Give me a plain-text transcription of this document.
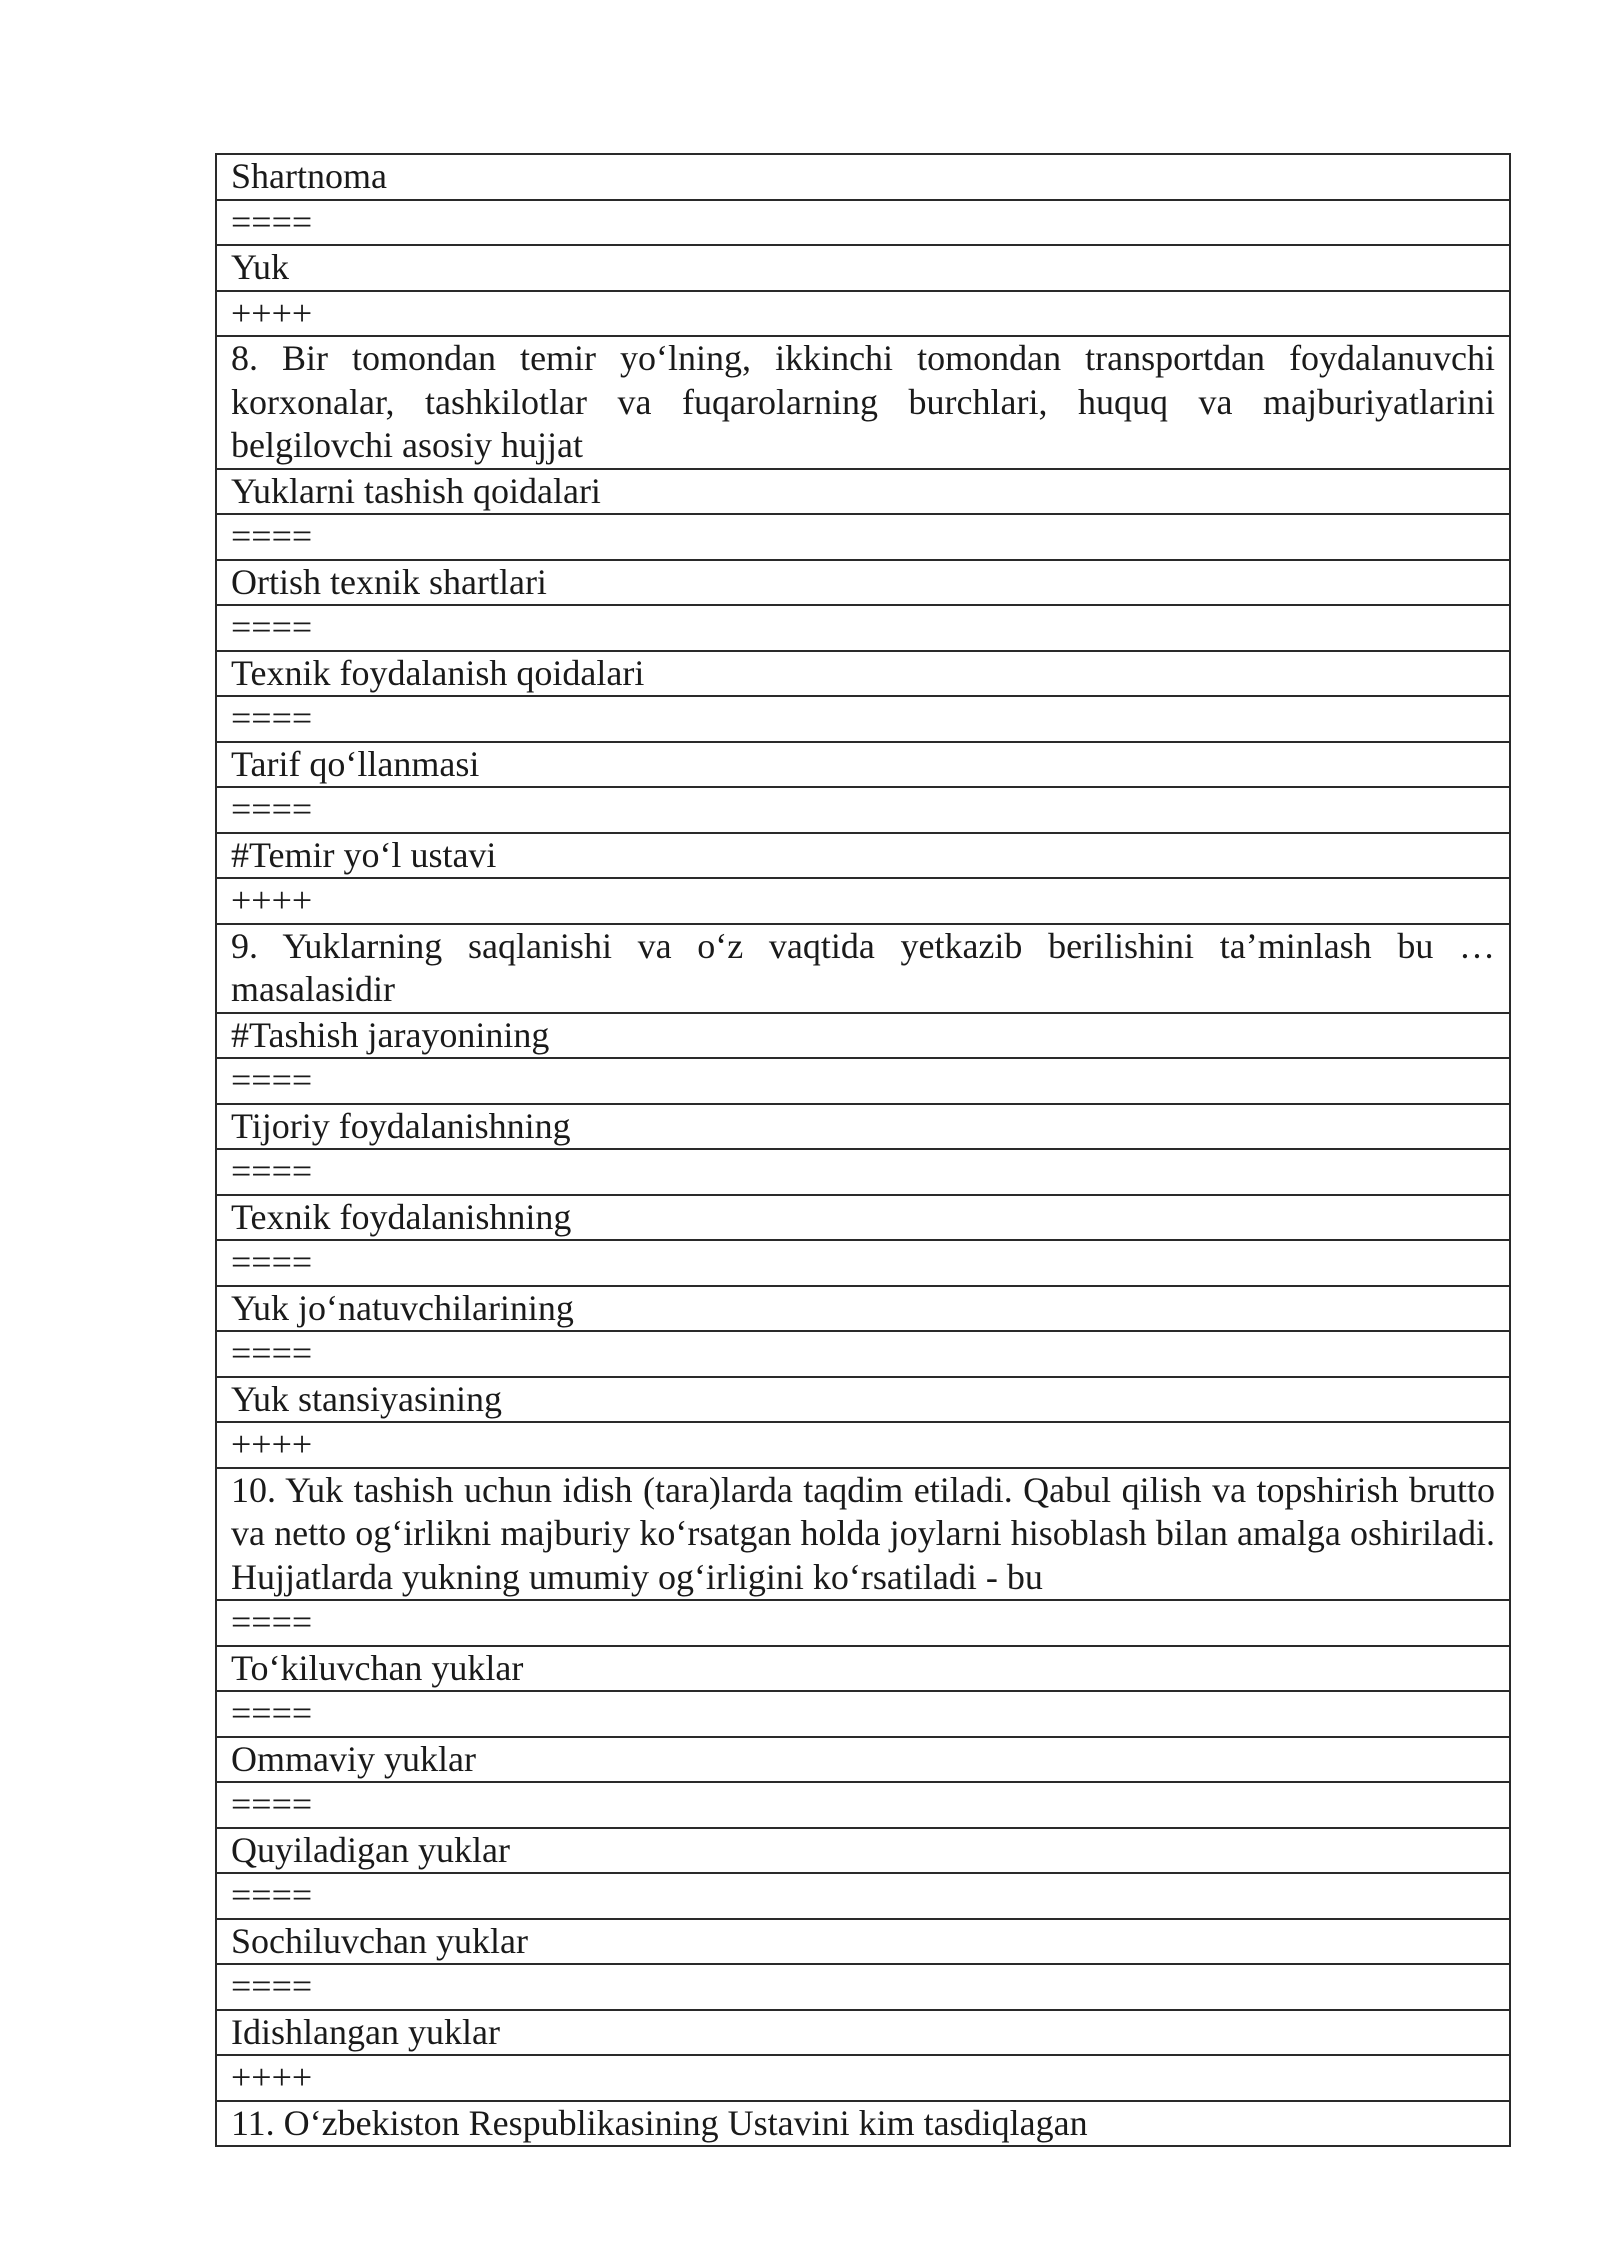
Shartnoma
====
Yuk
++++
8. Bir tomondan temir yo‘lning, ikkinchi tomondan transportdan foydalanuvchi korxonalar, tashkilotlar va fuqarolarning burchlari, huquq va majburiyatlarini belgilovchi asosiy hujjat
Yuklarni tashish qoidalari
====
Ortish texnik shartlari
====
Texnik foydalanish qoidalari
====
Tarif qo‘llanmasi
====
#Temir yo‘l ustavi
++++
9. Yuklarning saqlanishi va o‘z vaqtida yetkazib berilishini ta’minlash bu … masalasidir
#Tashish jarayonining
====
Tijoriy foydalanishning
====
Texnik foydalanishning
====
Yuk jo‘natuvchilarining
====
Yuk stansiyasining
++++
10. Yuk tashish uchun idish (tara)larda taqdim etiladi. Qabul qilish va topshirish brutto va netto og‘irlikni majburiy ko‘rsatgan holda joylarni hisoblash bilan amalga oshiriladi. Hujjatlarda yukning umumiy og‘irligini ko‘rsatiladi - bu
====
To‘kiluvchan yuklar
====
Ommaviy yuklar
====
Quyiladigan yuklar
====
Sochiluvchan yuklar
====
Idishlangan yuklar
++++
11. O‘zbekiston Respublikasining Ustavini kim tasdiqlagan
